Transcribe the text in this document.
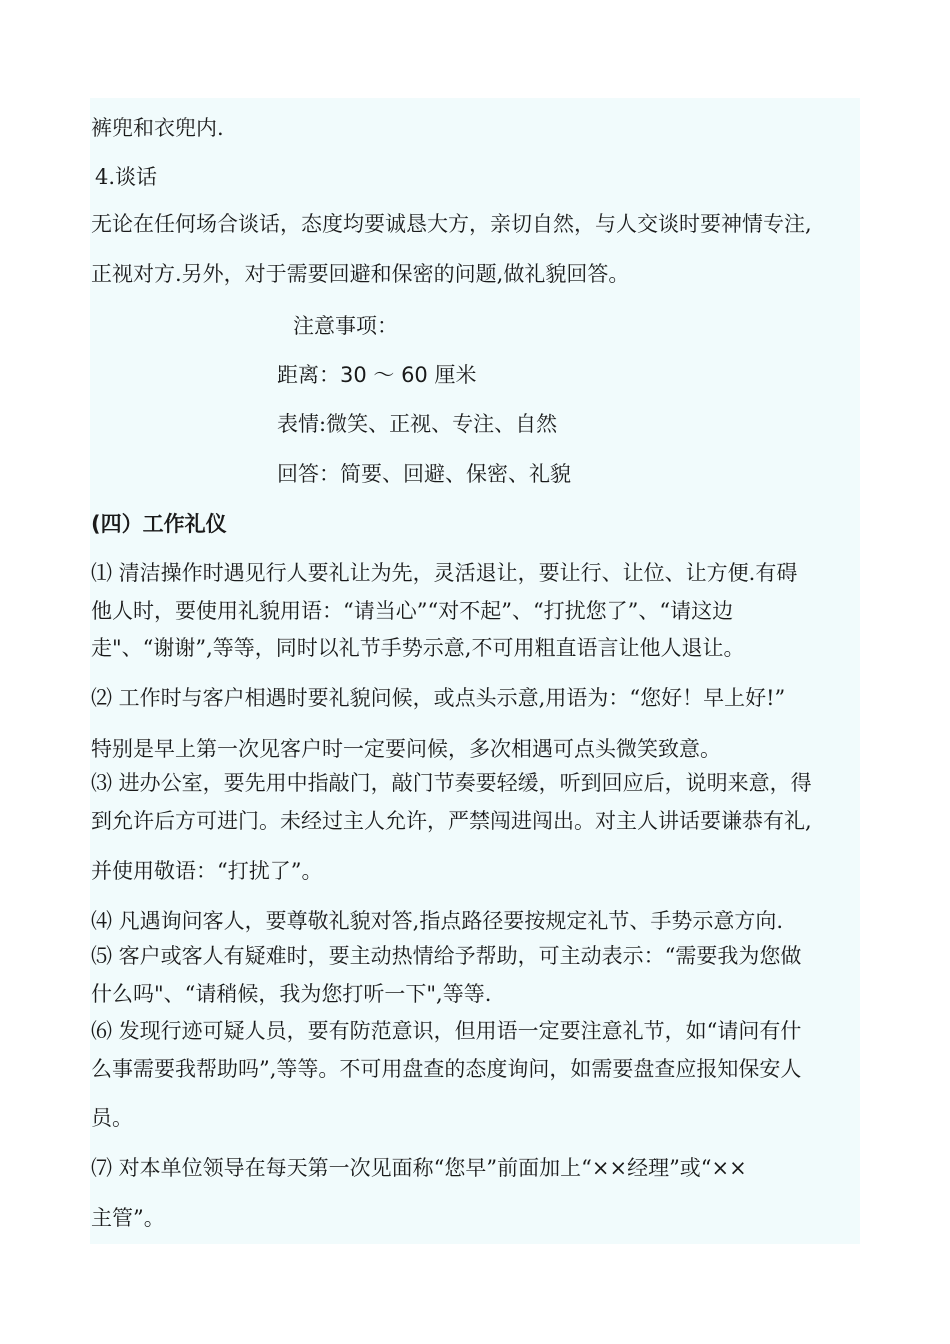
裤兜和衣兜内.
4.谈话
无论在任何场合谈话，态度均要诚恳大方，亲切自然，与人交谈时要神情专注,
正视对方.另外，对于需要回避和保密的问题,做礼貌回答。
注意事项：
距离：30 ～ 60 厘米
表情:微笑、正视、专注、自然
回答：简要、回避、保密、礼貌
(四）工作礼仪
⑴ 清洁操作时遇见行人要礼让为先，灵活退让，要让行、让位、让方便.有碍
他人时，要使用礼貌用语：“请当心”“对不起”、“打扰您了”、“请这边
走"、“谢谢”,等等，同时以礼节手势示意,不可用粗直语言让他人退让。
⑵ 工作时与客户相遇时要礼貌问候，或点头示意,用语为：“您好！早上好!”
特别是早上第一次见客户时一定要问候，多次相遇可点头微笑致意。
⑶ 进办公室，要先用中指敲门，敲门节奏要轻缓，听到回应后，说明来意，得
到允许后方可进门。未经过主人允许，严禁闯进闯出。对主人讲话要谦恭有礼,
并使用敬语：“打扰了”。
⑷ 凡遇询问客人，要尊敬礼貌对答,指点路径要按规定礼节、手势示意方向.
⑸ 客户或客人有疑难时，要主动热情给予帮助，可主动表示：“需要我为您做
什么吗"、“请稍候，我为您打听一下",等等.
⑹ 发现行迹可疑人员，要有防范意识，但用语一定要注意礼节，如“请问有什
么事需要我帮助吗”,等等。不可用盘查的态度询问，如需要盘查应报知保安人
员。
⑺ 对本单位领导在每天第一次见面称“您早”前面加上“××经理”或“××
主管”。
